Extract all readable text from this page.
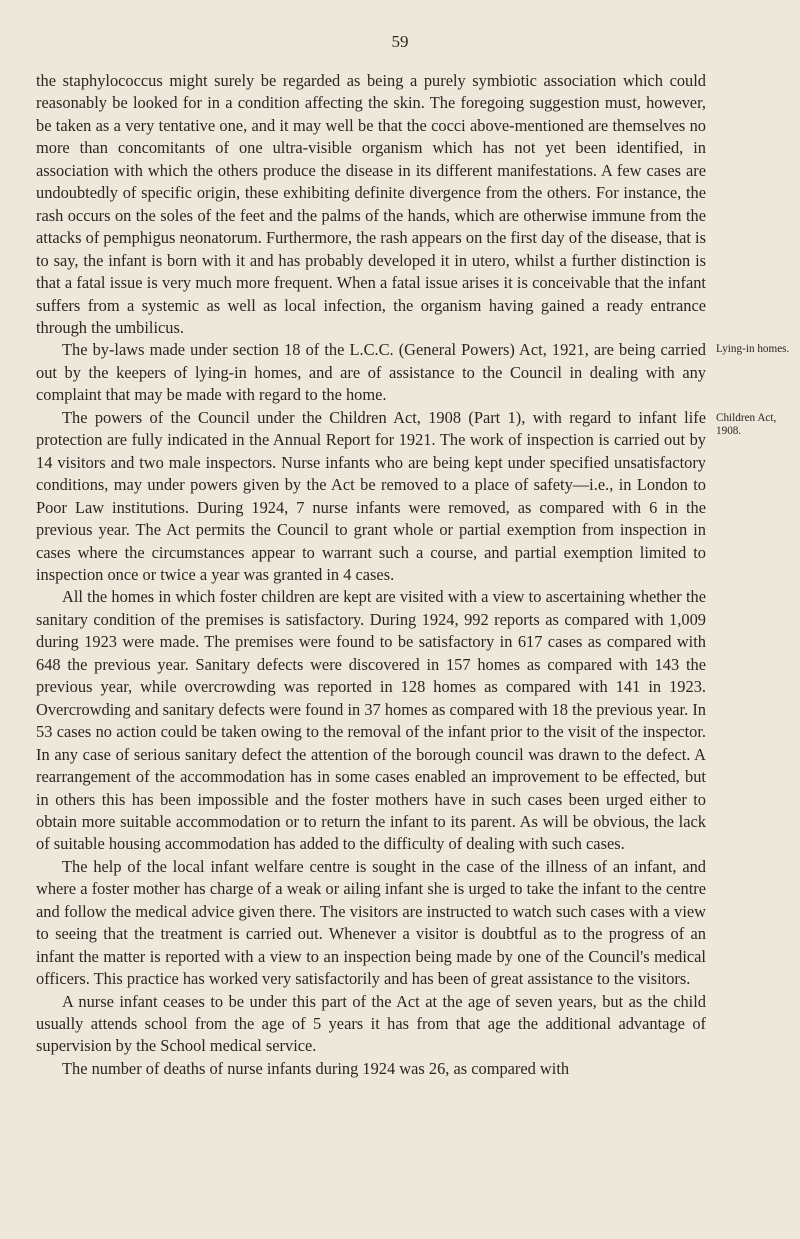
59

the staphylococcus might surely be regarded as being a purely symbiotic association which could reasonably be looked for in a condition affecting the skin. The foregoing suggestion must, however, be taken as a very tentative one, and it may well be that the cocci above-mentioned are themselves no more than concomitants of one ultra-visible organism which has not yet been identified, in association with which the others produce the disease in its different manifestations. A few cases are undoubtedly of specific origin, these exhibiting definite divergence from the others. For instance, the rash occurs on the soles of the feet and the palms of the hands, which are otherwise immune from the attacks of pemphigus neonatorum. Furthermore, the rash appears on the first day of the disease, that is to say, the infant is born with it and has probably developed it in utero, whilst a further distinction is that a fatal issue is very much more frequent. When a fatal issue arises it is conceivable that the infant suffers from a systemic as well as local infection, the organism having gained a ready entrance through the umbilicus.

The by-laws made under section 18 of the L.C.C. (General Powers) Act, 1921, are being carried out by the keepers of lying-in homes, and are of assistance to the Council in dealing with any complaint that may be made with regard to the home.

The powers of the Council under the Children Act, 1908 (Part 1), with regard to infant life protection are fully indicated in the Annual Report for 1921. The work of inspection is carried out by 14 visitors and two male inspectors. Nurse infants who are being kept under specified unsatisfactory conditions, may under powers given by the Act be removed to a place of safety—i.e., in London to Poor Law institutions. During 1924, 7 nurse infants were removed, as compared with 6 in the previous year. The Act permits the Council to grant whole or partial exemption from inspection in cases where the circumstances appear to warrant such a course, and partial exemption limited to inspection once or twice a year was granted in 4 cases.

All the homes in which foster children are kept are visited with a view to ascertaining whether the sanitary condition of the premises is satisfactory. During 1924, 992 reports as compared with 1,009 during 1923 were made. The premises were found to be satisfactory in 617 cases as compared with 648 the previous year. Sanitary defects were discovered in 157 homes as compared with 143 the previous year, while overcrowding was reported in 128 homes as compared with 141 in 1923. Overcrowding and sanitary defects were found in 37 homes as compared with 18 the previous year. In 53 cases no action could be taken owing to the removal of the infant prior to the visit of the inspector. In any case of serious sanitary defect the attention of the borough council was drawn to the defect. A rearrangement of the accommodation has in some cases enabled an improvement to be effected, but in others this has been impossible and the foster mothers have in such cases been urged either to obtain more suitable accommodation or to return the infant to its parent. As will be obvious, the lack of suitable housing accommodation has added to the difficulty of dealing with such cases.

The help of the local infant welfare centre is sought in the case of the illness of an infant, and where a foster mother has charge of a weak or ailing infant she is urged to take the infant to the centre and follow the medical advice given there. The visitors are instructed to watch such cases with a view to seeing that the treatment is carried out. Whenever a visitor is doubtful as to the progress of an infant the matter is reported with a view to an inspection being made by one of the Council's medical officers. This practice has worked very satisfactorily and has been of great assistance to the visitors.

A nurse infant ceases to be under this part of the Act at the age of seven years, but as the child usually attends school from the age of 5 years it has from that age the additional advantage of supervision by the School medical service.

The number of deaths of nurse infants during 1924 was 26, as compared with

Lying-in homes.
Children Act, 1908.
